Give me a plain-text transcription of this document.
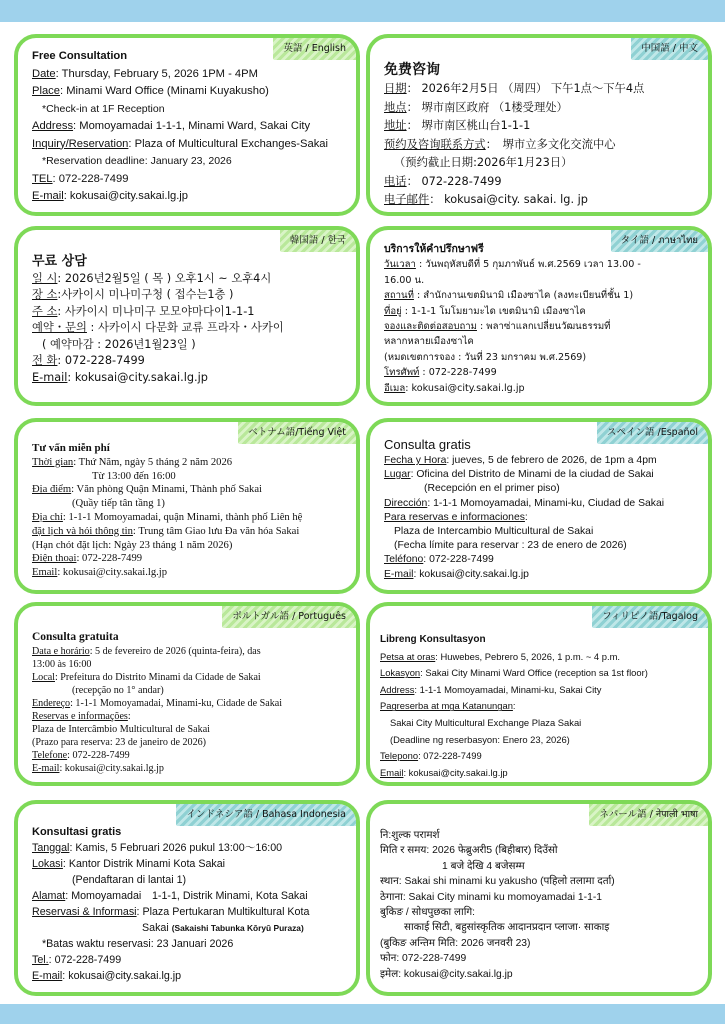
英語 / English
Free Consultation
Date: Thursday, February 5, 2026 1PM - 4PM
Place: Minami Ward Office (Minami Kuyakusho)
*Check-in at 1F Reception
Address: Momoyamadai 1-1-1, Minami Ward, Sakai City
Inquiry/Reservation: Plaza of Multicultural Exchanges-Sakai
*Reservation deadline: January 23, 2026
TEL: 072-228-7499
E-mail: kokusai@city.sakai.lg.jp
中国語 / 中文
免费咨询
日期： 2026年2月5日 （周四） 下午1点～下午4点
地点： 堺市南区政府 （1楼受理处）
地址： 堺市南区桃山台1-1-1
预约及咨询联系方式：　堺市立多文化交流中心
（预约截止日期:2026年1月23日）
电话： 072-228-7499
电子邮件： kokusai@city. sakai. lg. jp
韓国語 / 한국
무료 상담
일 시: 2026년2월5일 ( 목 ) 오후1시 ~ 오후4시
장 소:사카이시 미나미구청 ( 접수는1층 )
주 소: 사카이시 미나미구 모모야마다이1-1-1
예약・문의 : 사카이시 다문화 교류 프라자・사카이
( 예약마감 : 2026년1월23일 )
전 화: 072-228-7499
E-mail: kokusai@city.sakai.lg.jp
タイ語 / ภาษาไทย
บริการให้คำปรึกษาฟรี
วันเวลา : วันพฤหัสบดีที่ 5 กุมภาพันธ์ พ.ศ.2569 เวลา 13.00 -
16.00 น.
สถานที่ : สำนักงานเขตมินามิ เมืองซาไค (ลงทะเบียนที่ชั้น 1)
ที่อยู่ : 1-1-1 โมโมยามะได เขตมินามิ เมืองซาไค
จองและติดต่อสอบถาม : พลาซ่าแลกเปลี่ยนวัฒนธรรมที่
หลากหลายเมืองซาไค
(หมดเขตการจอง : วันที่ 23 มกราคม พ.ศ.2569)
โทรศัพท์ : 072-228-7499
อีเมล: kokusai@city.sakai.lg.jp
ベトナム語/Tiếng Việt
Tư vấn miễn phí
Thời gian: Thứ Năm, ngày 5 tháng 2 năm 2026
Từ 13:00 đến 16:00
Địa điểm: Văn phòng Quận Minami, Thành phố Sakai
(Quầy tiếp tân tầng 1)
Địa chỉ: 1-1-1 Momoyamadai, quận Minami, thành phố Liên hệ
đặt lịch và hỏi thông tin: Trung tâm Giao lưu Đa văn hóa Sakai
(Hạn chót đặt lịch: Ngày 23 tháng 1 năm 2026)
Điện thoại: 072-228-7499
Email: kokusai@city.sakai.lg.jp
スペイン語 /Español
Consulta gratis
Fecha y Hora: jueves, 5 de febrero de 2026, de 1pm a 4pm
Lugar: Oficina del Distrito de Minami de la ciudad de Sakai
(Recepción en el primer piso)
Dirección: 1-1-1 Momoyamadai, Minami-ku, Ciudad de Sakai
Para reservas e informaciones:
Plaza de Intercambio Multicultural de Sakai
(Fecha límite para reservar : 23 de enero de 2026)
Teléfono: 072-228-7499
E-mail: kokusai@city.sakai.lg.jp
ポルトガル語 / Português
Consulta gratuita
Data e horário: 5 de fevereiro de 2026 (quinta-feira), das
13:00 às 16:00
Local: Prefeitura do Distrito Minami da Cidade de Sakai
(recepção no 1° andar)
Endereço: 1-1-1 Momoyamadai, Minami-ku, Cidade de Sakai
Reservas e informações:
Plaza de Intercâmbio Multicultural de Sakai
(Prazo para reserva: 23 de janeiro de 2026)
Telefone: 072-228-7499
E-mail: kokusai@city.sakai.lg.jp
フィリピノ語/Tagalog
Libreng Konsultasyon
Petsa at oras: Huwebes, Pebrero 5, 2026, 1 p.m. ~ 4 p.m.
Lokasyon: Sakai City Minami Ward Office (reception sa 1st floor)
Address: 1-1-1 Momoyamadai, Minami-ku, Sakai City
Pagreserba at mga Katanungan:
Sakai City Multicultural Exchange Plaza Sakai
(Deadline ng reserbasyon: Enero 23, 2026)
Telepono: 072-228-7499
Email: kokusai@city.sakai.lg.jp
インドネシア語 / Bahasa Indonesia
Konsultasi gratis
Tanggal: Kamis, 5 Februari 2026 pukul 13:00～16:00
Lokasi: Kantor Distrik Minami Kota Sakai
(Pendaftaran di lantai 1)
Alamat: Momoyamadai　1-1-1, Distrik Minami, Kota Sakai
Reservasi & Informasi: Plaza Pertukaran Multikultural Kota
Sakai (Sakaishi Tabunka Kōryū Puraza)
*Batas waktu reservasi: 23 Januari 2026
Tel.: 072-228-7499
E-mail: kokusai@city.sakai.lg.jp
ネパール語 / नेपाली भाषा
नि:शुल्क परामर्श
मिति र समय: 2026 फेब्रुअरी5 (बिहीबार) दिउँसो
1 बजे देखि 4 बजेसम्म
स्थान: Sakai shi minami ku yakusho (पहिलो तलामा दर्ता)
ठेगाना: Sakai City minami ku momoyamadai 1-1-1
बुकिङ / सोधपुछका लागि:
साकाई सिटी, बहुसांस्कृतिक आदानप्रदान प्लाजा· साकाइ
(बुकिङ अन्तिम मिति: 2026 जनवरी 23)
फोन: 072-228-7499
इमेल: kokusai@city.sakai.lg.jp
